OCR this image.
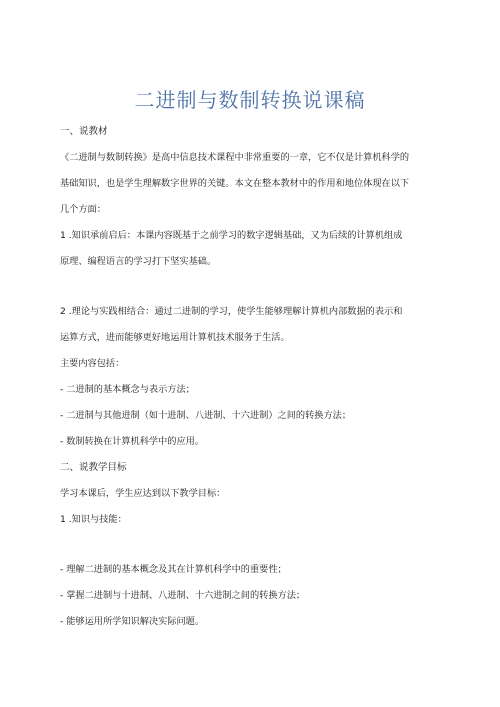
二进制与数制转换说课稿

一、说教材

《二进制与数制转换》是高中信息技术课程中非常重要的一章，它不仅是计算机科学的

基础知识，也是学生理解数字世界的关键。本文在整本教材中的作用和地位体现在以下

几个方面：

1 .知识承前启后：本课内容既基于之前学习的数字逻辑基础，又为后续的计算机组成

原理、编程语言的学习打下坚实基础。

2 .理论与实践相结合：通过二进制的学习，使学生能够理解计算机内部数据的表示和

运算方式，进而能够更好地运用计算机技术服务于生活。

主要内容包括：

- 二进制的基本概念与表示方法；

- 二进制与其他进制（如十进制、八进制、十六进制）之间的转换方法；

- 数制转换在计算机科学中的应用。

二、说教学目标

学习本课后，学生应达到以下教学目标：

1 .知识与技能：

- 理解二进制的基本概念及其在计算机科学中的重要性；

- 掌握二进制与十进制、八进制、十六进制之间的转换方法；

- 能够运用所学知识解决实际问题。
